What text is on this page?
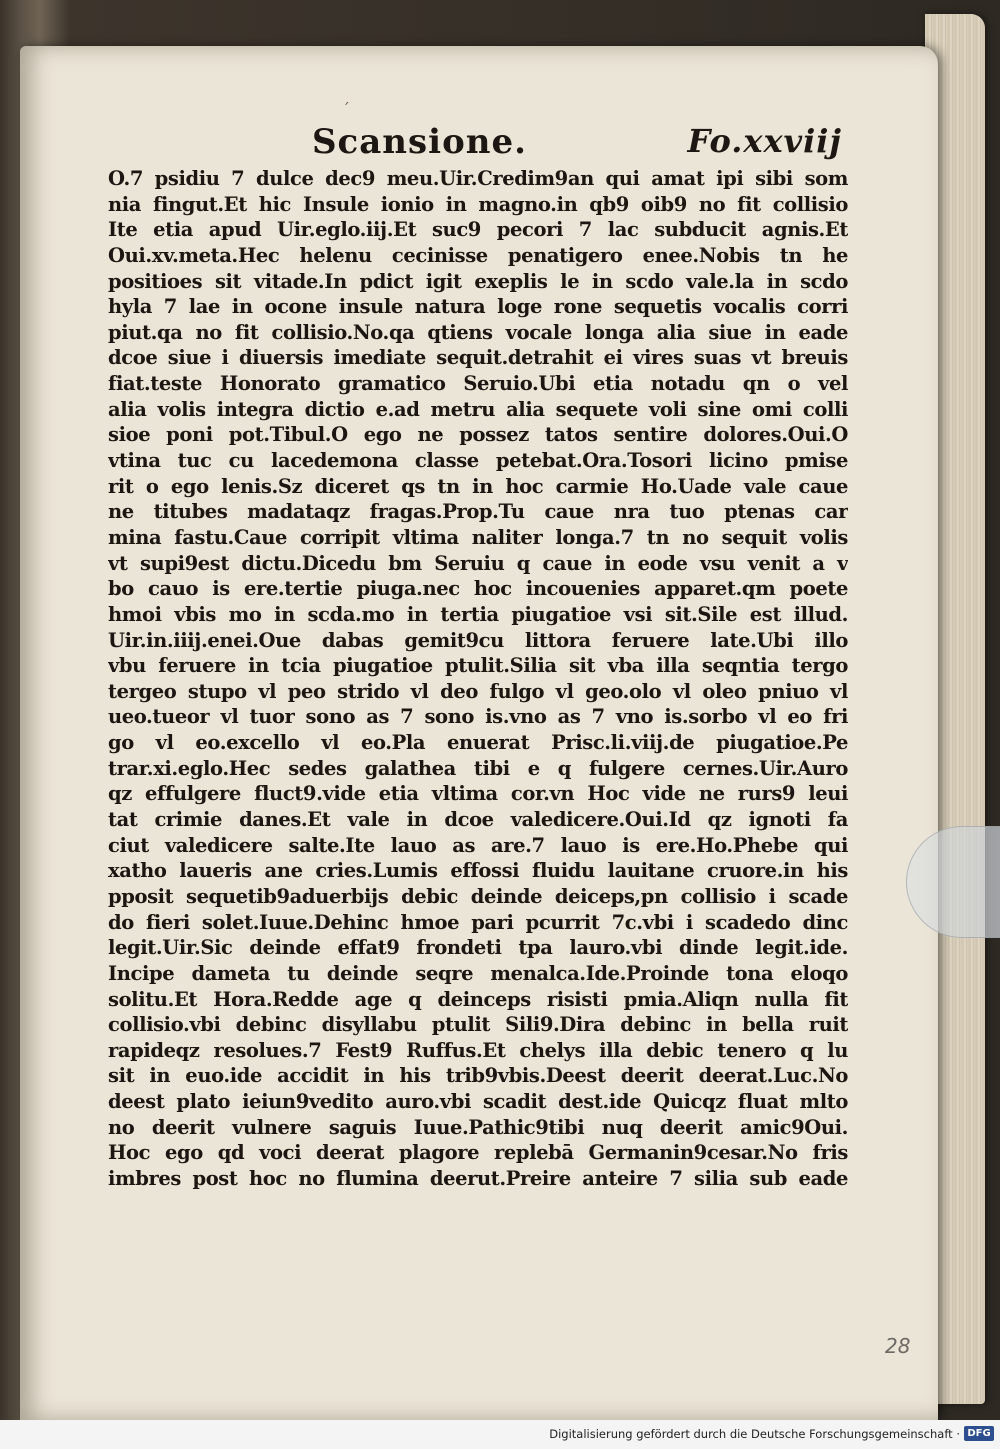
ˊ
Scansione.	Fo.xxviij
O.7 psidiu 7 dulce dec9 meu.Uir.Credim9an qui amat ipi sibi som
nia fingut.Et hic Insule ionio in magno.in qb9 oib9 no fit collisio
Ite etia apud Uir.eglo.iij.Et suc9 pecori 7 lac subducit agnis.Et
Oui.xv.meta.Hec helenu cecinisse penatigero enee.Nobis tn he
positioes sit vitade.In pdict igit exeplis le in scdo vale.la in scdo
hyla 7 lae in ocone insule natura loge rone sequetis vocalis corri
piut.qa no fit collisio.No.qa qtiens vocale longa alia siue in eade
dcoe siue i diuersis imediate sequit.detrahit ei vires suas vt breuis
fiat.teste Honorato gramatico Seruio.Ubi etia notadu qn o vel
alia volis integra dictio e.ad metru alia sequete voli sine omi colli
sioe poni pot.Tibul.O ego ne possez tatos sentire dolores.Oui.O
vtina tuc cu lacedemona classe petebat.Ora.Tosori licino pmise
rit o ego lenis.Sz diceret qs tn in hoc carmie Ho.Uade vale caue
ne titubes madataqz fragas.Prop.Tu caue nra tuo ptenas car
mina fastu.Caue corripit vltima naliter longa.7 tn no sequit volis
vt supi9est dictu.Dicedu bm Seruiu q caue in eode vsu venit a v
bo cauo is ere.tertie piuga.nec hoc incouenies apparet.qm poete
hmoi vbis mo in scda.mo in tertia piugatioe vsi sit.Sile est illud.
Uir.in.iiij.enei.Oue dabas gemit9cu littora feruere late.Ubi illo
vbu feruere in tcia piugatioe ptulit.Silia sit vba illa seqntia tergo
tergeo stupo vl peo strido vl deo fulgo vl geo.olo vl oleo pniuo vl
ueo.tueor vl tuor sono as 7 sono is.vno as 7 vno is.sorbo vl eo fri
go vl eo.excello vl eo.Pla enuerat Prisc.li.viij.de piugatioe.Pe
trar.xi.eglo.Hec sedes galathea tibi e q fulgere cernes.Uir.Auro
qz effulgere fluct9.vide etia vltima cor.vn Hoc vide ne rurs9 leui
tat crimie danes.Et vale in dcoe valedicere.Oui.Id qz ignoti fa
ciut valedicere salte.Ite lauo as are.7 lauo is ere.Ho.Phebe qui
xatho laueris ane cries.Lumis effossi fluidu lauitane cruore.in his
pposit sequetib9aduerbijs debic deinde deiceps,pn collisio i scade
do fieri solet.Iuue.Dehinc hmoe pari pcurrit 7c.vbi i scadedo dinc
legit.Uir.Sic deinde effat9 frondeti tpa lauro.vbi dinde legit.ide.
Incipe dameta tu deinde seqre menalca.Ide.Proinde tona eloqo
solitu.Et Hora.Redde age q deinceps risisti pmia.Aliqn nulla fit
collisio.vbi debinc disyllabu ptulit Sili9.Dira debinc in bella ruit
rapideqz resolues.7 Fest9 Ruffus.Et chelys illa debic tenero q lu
sit in euo.ide accidit in his trib9vbis.Deest deerit deerat.Luc.No
deest plato ieiun9vedito auro.vbi scadit dest.ide Quicqz fluat mlto
no deerit vulnere saguis Iuue.Pathic9tibi nuq deerit amic9Oui.
Hoc ego qd voci deerat plagore replebā Germanin9cesar.No fris
imbres post hoc no flumina deerut.Preire anteire 7 silia sub eade
28
Digitalisierung gefördert durch die Deutsche Forschungsgemeinschaft · DFG
